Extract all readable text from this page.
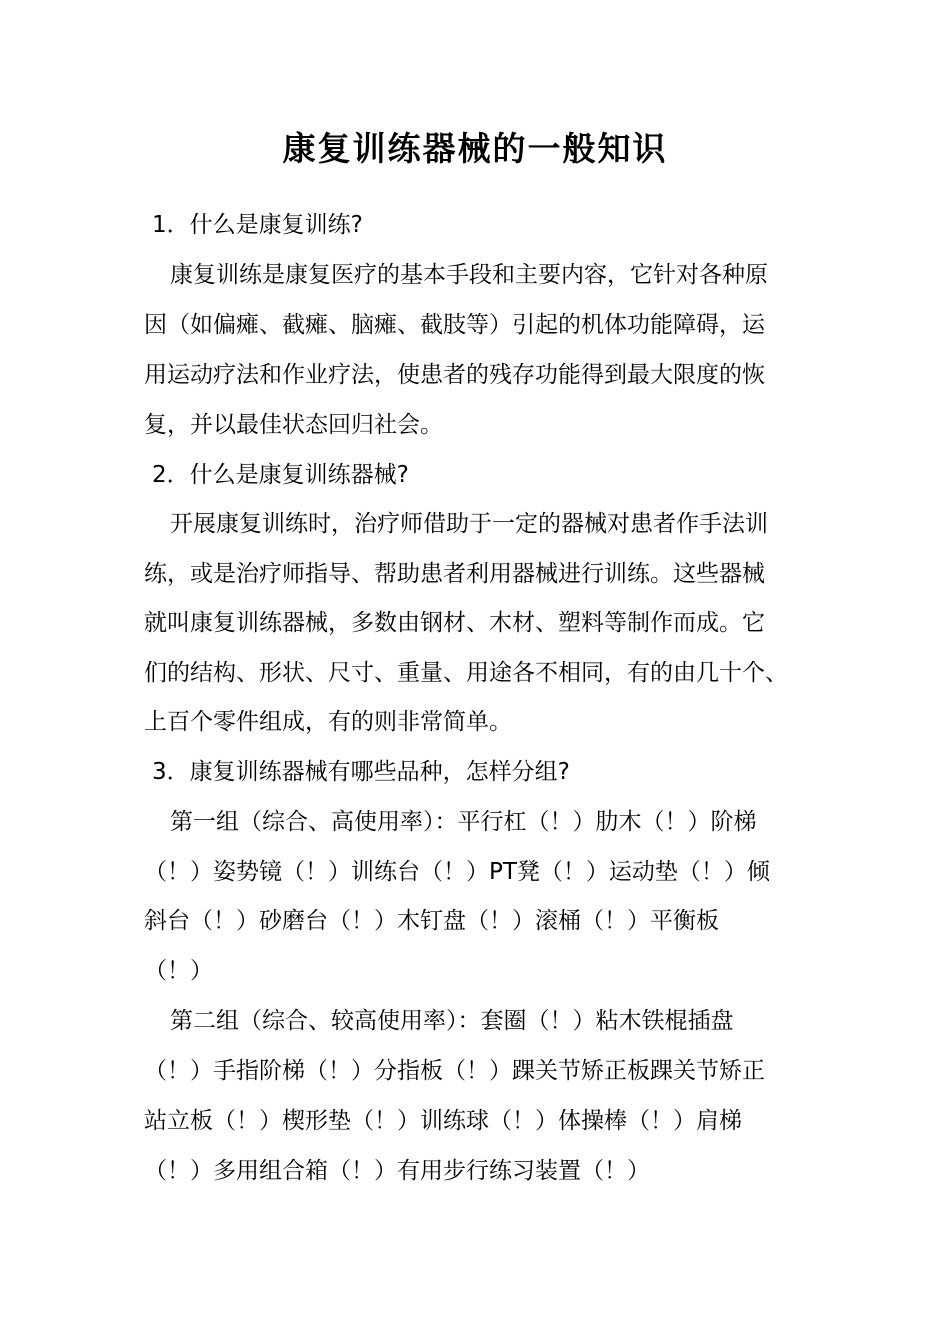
康复训练器械的一般知识
1．什么是康复训练?
康复训练是康复医疗的基本手段和主要内容，它针对各种原
因（如偏瘫、截瘫、脑瘫、截肢等）引起的机体功能障碍，运
用运动疗法和作业疗法，使患者的残存功能得到最大限度的恢
复，并以最佳状态回归社会。
2．什么是康复训练器械?
开展康复训练时，治疗师借助于一定的器械对患者作手法训
练，或是治疗师指导、帮助患者利用器械进行训练。这些器械
就叫康复训练器械，多数由钢材、木材、塑料等制作而成。它
们的结构、形状、尺寸、重量、用途各不相同，有的由几十个、
上百个零件组成，有的则非常简单。
3．康复训练器械有哪些品种，怎样分组?
第一组（综合、高使用率）：平行杠（！）肋木（！）阶梯
（！）姿势镜（！）训练台（！）PT凳（！）运动垫（！）倾
斜台（！）砂磨台（！）木钉盘（！）滚桶（！）平衡板
（！）
第二组（综合、较高使用率）：套圈（！）粘木铁棍插盘
（！）手指阶梯（！）分指板（！）踝关节矫正板踝关节矫正
站立板（！）楔形垫（！）训练球（！）体操棒（！）肩梯
（！）多用组合箱（！）有用步行练习装置（！）
